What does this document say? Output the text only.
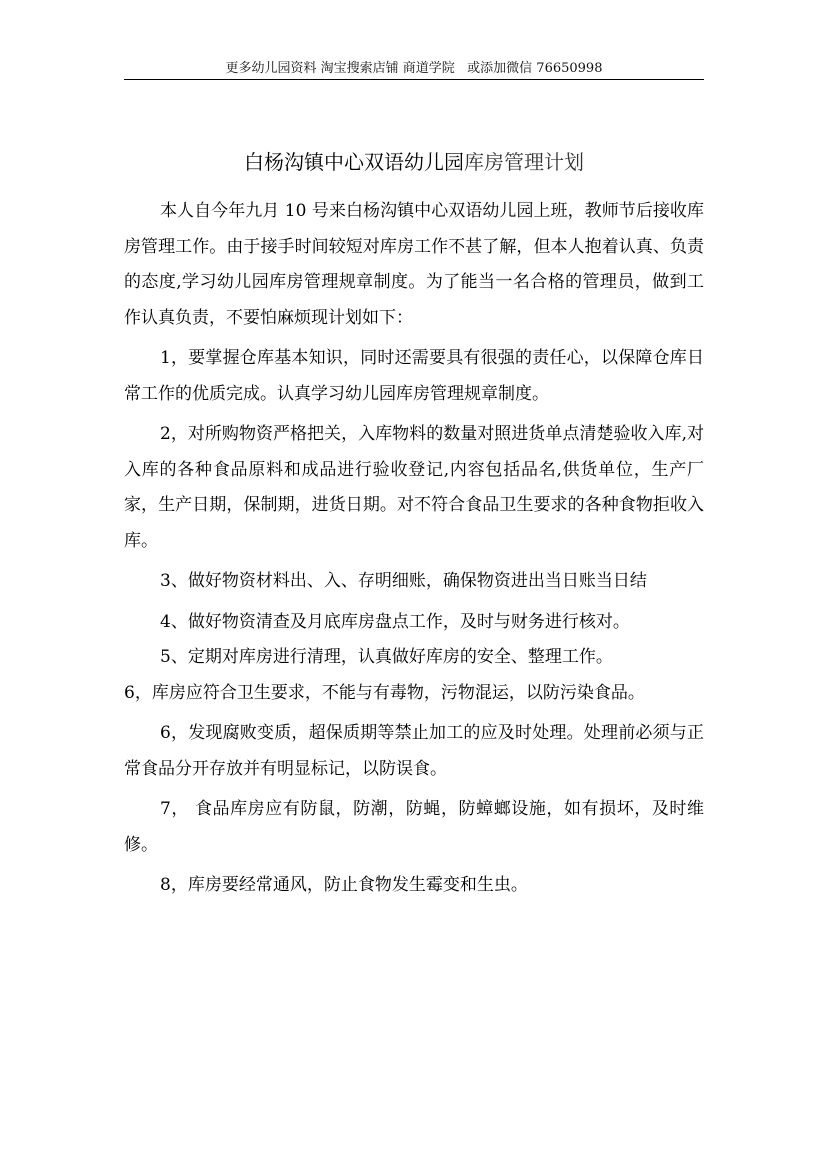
更多幼儿园资料 淘宝搜索店铺 商道学院   或添加微信 76650998
白杨沟镇中心双语幼儿园库房管理计划

本人自今年九月 10 号来白杨沟镇中心双语幼儿园上班，教师节后接收库房管理工作。由于接手时间较短对库房工作不甚了解，但本人抱着认真、负责的态度,学习幼儿园库房管理规章制度。为了能当一名合格的管理员，做到工作认真负责，不要怕麻烦现计划如下：

1，要掌握仓库基本知识，同时还需要具有很强的责任心，以保障仓库日常工作的优质完成。认真学习幼儿园库房管理规章制度。

2，对所购物资严格把关，入库物料的数量对照进货单点清楚验收入库,对入库的各种食品原料和成品进行验收登记,内容包括品名,供货单位，生产厂家，生产日期，保制期，进货日期。对不符合食品卫生要求的各种食物拒收入库。

3、做好物资材料出、入、存明细账，确保物资进出当日账当日结

4、做好物资清查及月底库房盘点工作，及时与财务进行核对。

5、定期对库房进行清理，认真做好库房的安全、整理工作。

6，库房应符合卫生要求，不能与有毒物，污物混运，以防污染食品。

6，发现腐败变质，超保质期等禁止加工的应及时处理。处理前必须与正常食品分开存放并有明显标记，以防误食。

7， 食品库房应有防鼠，防潮，防蝇，防蟑螂设施，如有损坏，及时维修。

8，库房要经常通风，防止食物发生霉变和生虫。
